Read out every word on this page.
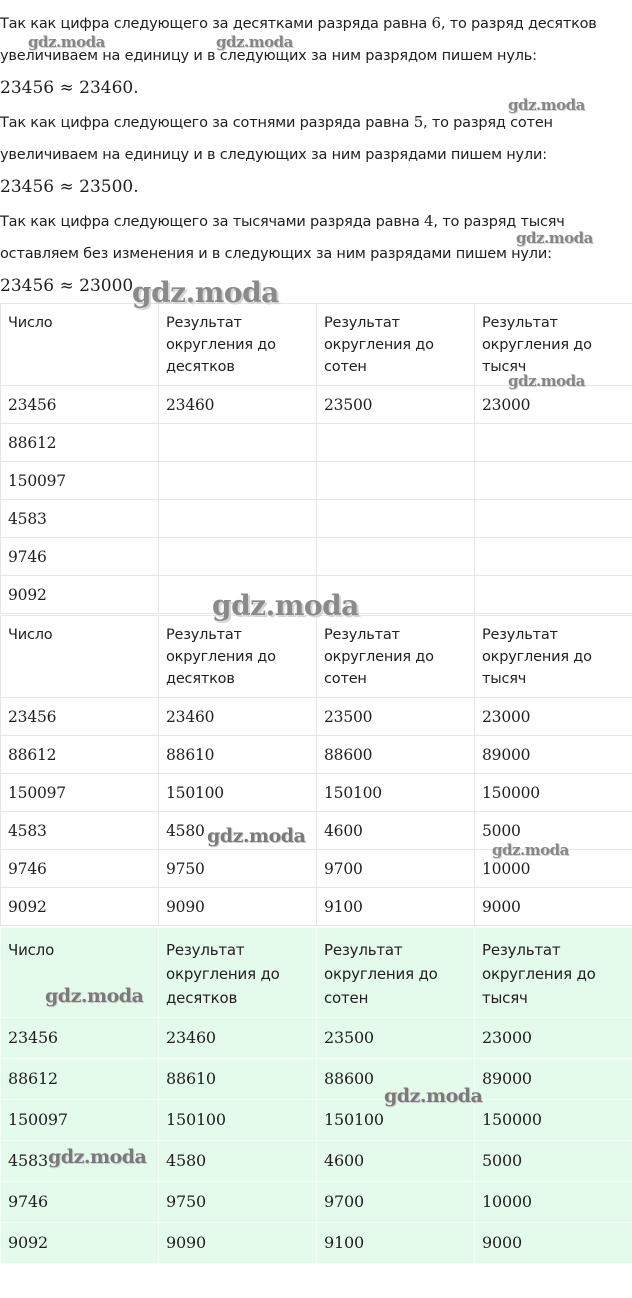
Так как цифра следующего за десятками разряда равна 6, то разряд десятков
увеличиваем на единицу и в следующих за ним разрядом пишем нуль:
23456 ≈ 23460.
Так как цифра следующего за сотнями разряда равна 5, то разряд сотен
увеличиваем на единицу и в следующих за ним разрядами пишем нули:
23456 ≈ 23500.
Так как цифра следующего за тысячами разряда равна 4, то разряд тысяч
оставляем без изменения и в следующих за ним разрядами пишем нули:
23456 ≈ 23000.
Число	Результат округления до десятков	Результат округления до сотен	Результат округления до тысяч
23456	23460	23500	23000
88612			
150097			
4583			
9746			
9092			
Число	Результат округления до десятков	Результат округления до сотен	Результат округления до тысяч
23456	23460	23500	23000
88612	88610	88600	89000
150097	150100	150100	150000
4583	4580	4600	5000
9746	9750	9700	10000
9092	9090	9100	9000
Число	Результат округления до десятков	Результат округления до сотен	Результат округления до тысяч
23456	23460	23500	23000
88612	88610	88600	89000
150097	150100	150100	150000
4583	4580	4600	5000
9746	9750	9700	10000
9092	9090	9100	9000
gdz.moda	gdz.moda
gdz.moda
gdz.moda
gdz.moda
gdz.moda
gdz.moda
gdz.moda
gdz.moda
gdz.moda
gdz.moda
gdz.moda
